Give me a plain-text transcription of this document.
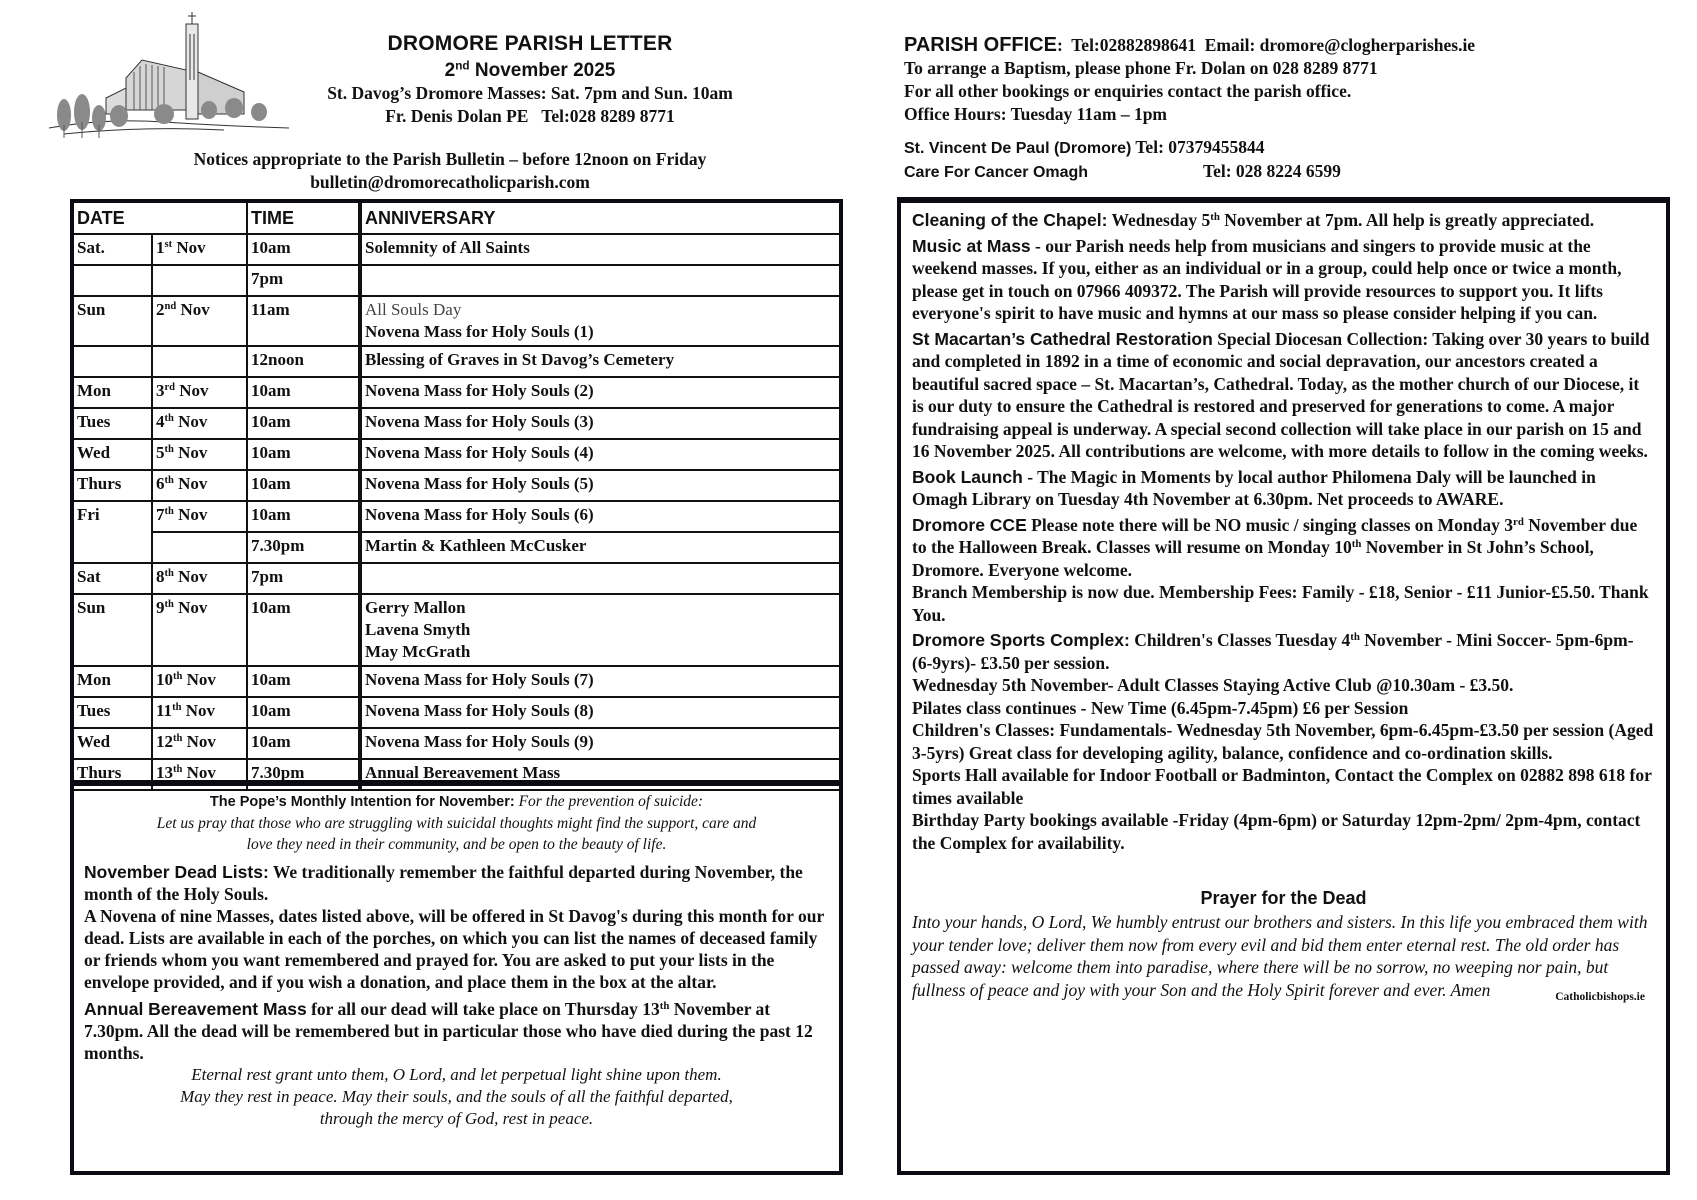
DROMORE PARISH LETTER
2nd November 2025
St. Davog’s Dromore Masses: Sat. 7pm and Sun. 10am
Fr. Denis Dolan PE   Tel:028 8289 8771
Notices appropriate to the Parish Bulletin – before 12noon on Friday
bulletin@dromorecatholicparish.com
DATE		TIME	ANNIVERSARY
Sat.	1st Nov	10am	Solemnity of All Saints

		7pm	

Sun	2nd Nov	11am	All Souls Day
Novena Mass for Holy Souls (1)

		12noon	Blessing of Graves in St Davog’s Cemetery

Mon	3rd Nov	10am	Novena Mass for Holy Souls (2)

Tues	4th Nov	10am	Novena Mass for Holy Souls (3)

Wed	5th Nov	10am	Novena Mass for Holy Souls (4)

Thurs	6th Nov	10am	Novena Mass for Holy Souls (5)

Fri	7th Nov	10am	Novena Mass for Holy Souls (6)

		7.30pm	Martin & Kathleen McCusker

Sat	8th Nov	7pm	

Sun	9th Nov	10am	Gerry Mallon
Lavena Smyth
May McGrath

Mon	10th Nov	10am	Novena Mass for Holy Souls (7)

Tues	11th Nov	10am	Novena Mass for Holy Souls (8)

Wed	12th Nov	10am	Novena Mass for Holy Souls (9)

Thurs	13th Nov	7.30pm	Annual Bereavement Mass
The Pope’s Monthly Intention for November: For the prevention of suicide:
Let us pray that those who are struggling with suicidal thoughts might find the support, care and
love they need in their community, and be open to the beauty of life.

November Dead Lists: We traditionally remember the faithful departed during November, the month of the Holy Souls.

A Novena of nine Masses, dates listed above, will be offered in St Davog's during this month for our dead. Lists are available in each of the porches, on which you can list the names of deceased family or friends whom you want remembered and prayed for. You are asked to put your lists in the envelope provided, and if you wish a donation, and place them in the box at the altar.

Annual Bereavement Mass for all our dead will take place on Thursday 13th November at 7.30pm. All the dead will be remembered but in particular those who have died during the past 12 months.

Eternal rest grant unto them, O Lord, and let perpetual light shine upon them.
May they rest in peace. May their souls, and the souls of all the faithful departed,
through the mercy of God, rest in peace.
PARISH OFFICE:  Tel:02882898641  Email: dromore@clogherparishes.ie
To arrange a Baptism, please phone Fr. Dolan on 028 8289 8771
For all other bookings or enquiries contact the parish office.
Office Hours: Tuesday 11am – 1pm
St. Vincent De Paul (Dromore) Tel: 07379455844
Care For Cancer Omagh	Tel: 028 8224 6599

Cleaning of the Chapel: Wednesday 5th November at 7pm. All help is greatly appreciated.

Music at Mass - our Parish needs help from musicians and singers to provide music at the weekend masses. If you, either as an individual or in a group, could help once or twice a month, please get in touch on 07966 409372. The Parish will provide resources to support you. It lifts everyone's spirit to have music and hymns at our mass so please consider helping if you can.

St Macartan’s Cathedral Restoration Special Diocesan Collection: Taking over 30 years to build and completed in 1892 in a time of economic and social depravation, our ancestors created a beautiful sacred space – St. Macartan’s, Cathedral. Today, as the mother church of our Diocese, it is our duty to ensure the Cathedral is restored and preserved for generations to come. A major fundraising appeal is underway. A special second collection will take place in our parish on 15 and 16 November 2025. All contributions are welcome, with more details to follow in the coming weeks.

Book Launch - The Magic in Moments by local author Philomena Daly will be launched in Omagh Library on Tuesday 4th November at 6.30pm. Net proceeds to AWARE.

Dromore CCE Please note there will be NO music / singing classes on Monday 3rd November due to the Halloween Break. Classes will resume on Monday 10th November in St John’s School, Dromore. Everyone welcome.

Branch Membership is now due. Membership Fees: Family - £18, Senior - £11 Junior-£5.50. Thank You.

Dromore Sports Complex: Children's Classes Tuesday 4th November - Mini Soccer- 5pm-6pm- (6-9yrs)- £3.50 per session.

Wednesday 5th November- Adult Classes Staying Active Club @10.30am - £3.50.

Pilates class continues - New Time (6.45pm-7.45pm) £6 per Session

Children's Classes: Fundamentals- Wednesday 5th November, 6pm-6.45pm-£3.50 per session (Aged 3-5yrs) Great class for developing agility, balance, confidence and co-ordination skills.

Sports Hall available for Indoor Football or Badminton, Contact the Complex on 02882 898 618 for times available

Birthday Party bookings available -Friday (4pm-6pm) or Saturday 12pm-2pm/ 2pm-4pm, contact the Complex for availability.

Prayer for the Dead
Into your hands, O Lord, We humbly entrust our brothers and sisters. In this life you embraced them with your tender love; deliver them now from every evil and bid them enter eternal rest. The old order has passed away: welcome them into paradise, where there will be no sorrow, no weeping nor pain, but fullness of peace and joy with your Son and the Holy Spirit forever and ever. Amen	Catholicbishops.ie
